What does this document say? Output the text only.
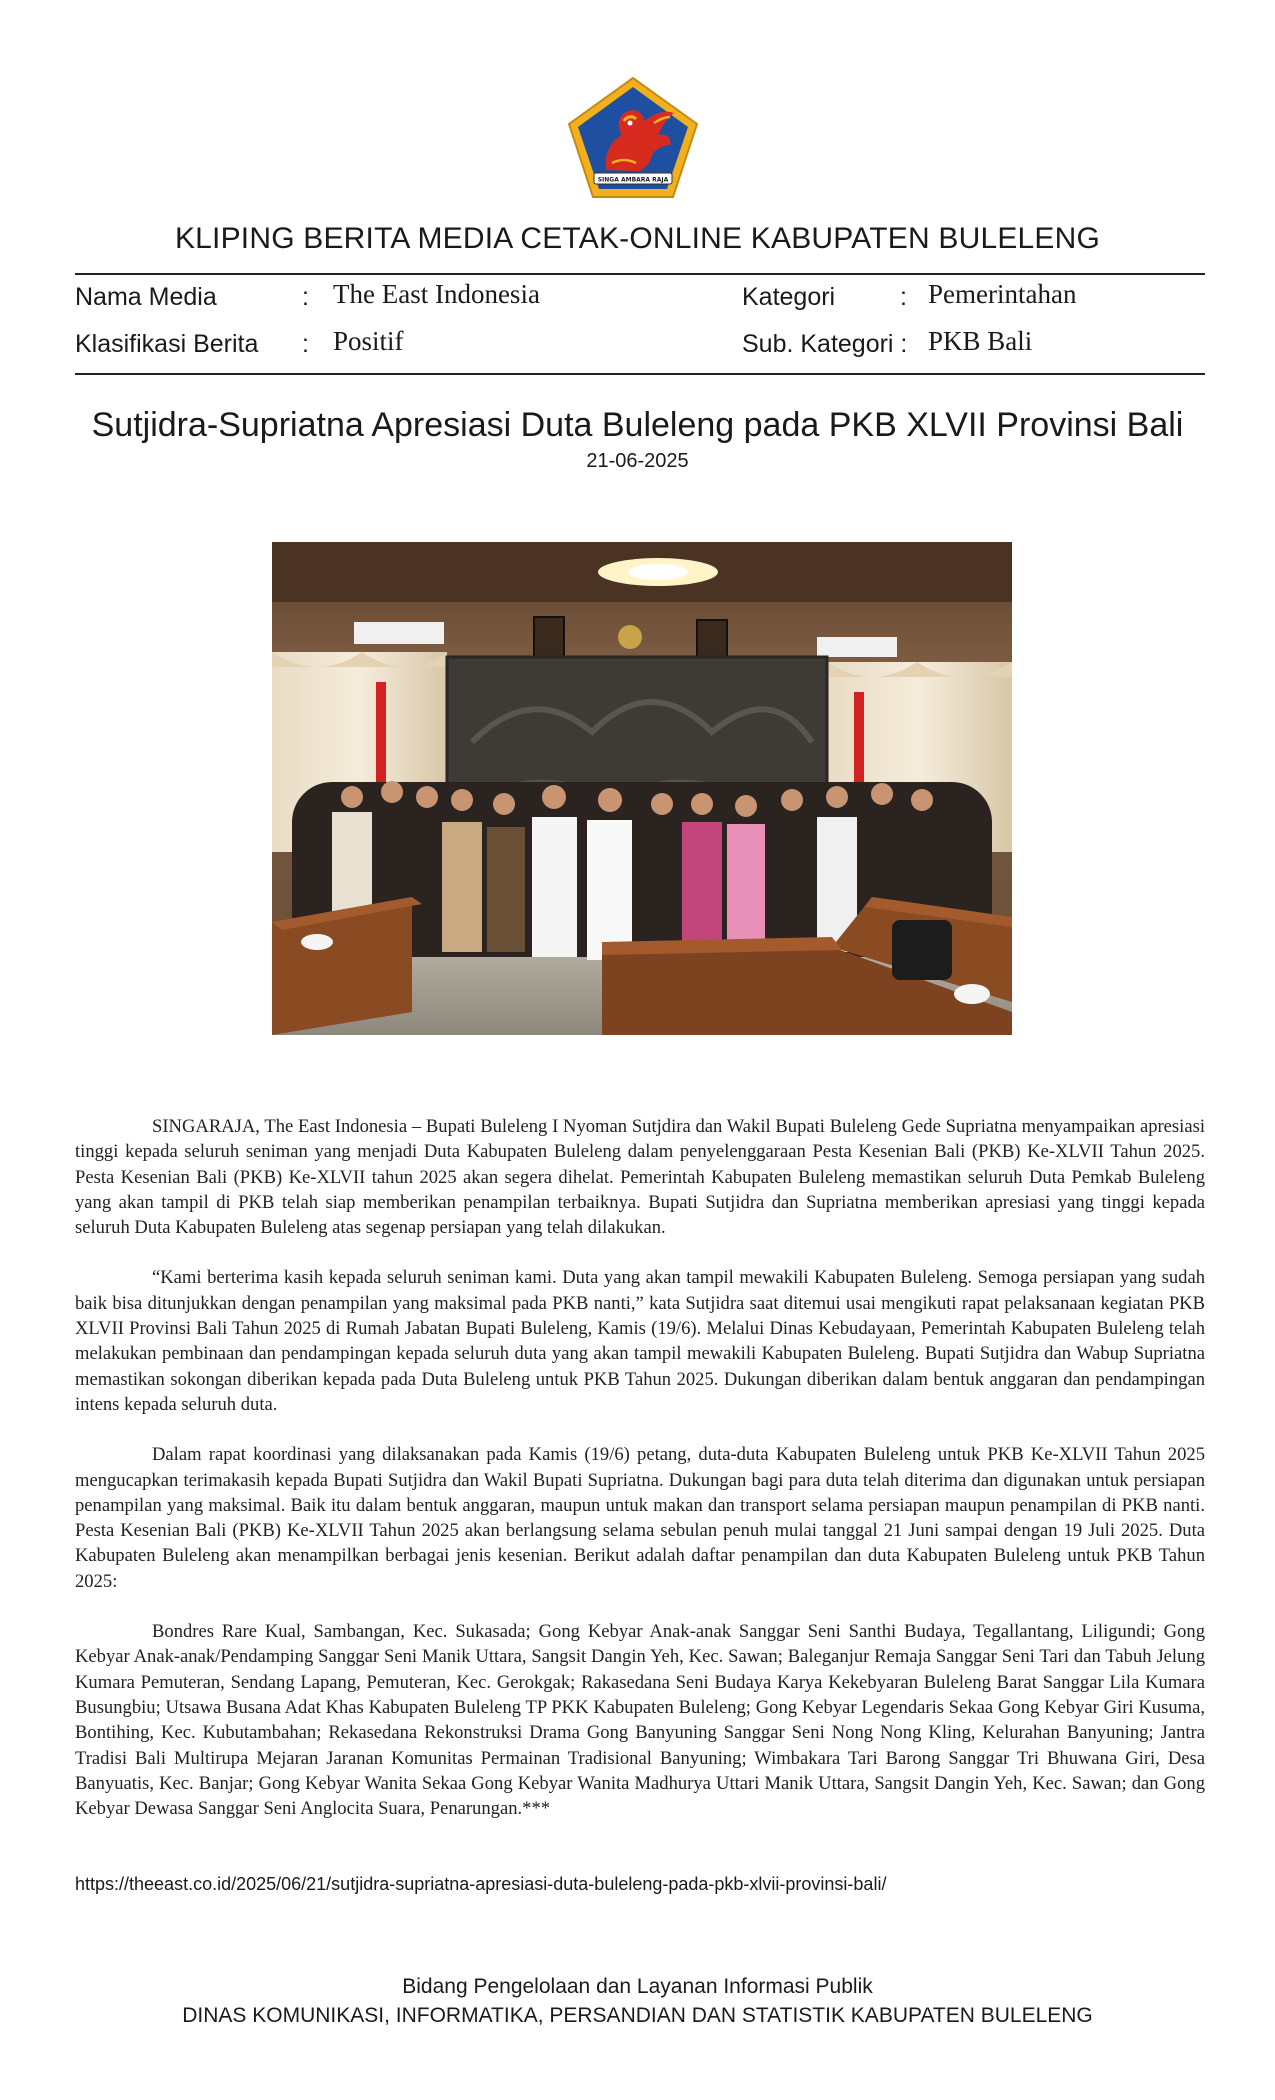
SINGA AMBARA RAJA
KLIPING BERITA MEDIA CETAK-ONLINE KABUPATEN BULELENG
Nama Media	: The East Indonesia	Kategori	: Pemerintahan
Klasifikasi Berita : Positif	Sub. Kategori : PKB Bali
Sutjidra-Supriatna Apresiasi Duta Buleleng pada PKB XLVII Provinsi Bali
21-06-2025

SINGARAJA, The East Indonesia – Bupati Buleleng I Nyoman Sutjdira dan Wakil Bupati Buleleng Gede Supriatna menyampaikan apresiasi tinggi kepada seluruh seniman yang menjadi Duta Kabupaten Buleleng dalam penyelenggaraan Pesta Kesenian Bali (PKB) Ke-XLVII Tahun 2025. Pesta Kesenian Bali (PKB) Ke-XLVII tahun 2025 akan segera dihelat. Pemerintah Kabupaten Buleleng memastikan seluruh Duta Pemkab Buleleng yang akan tampil di PKB telah siap memberikan penampilan terbaiknya. Bupati Sutjidra dan Supriatna memberikan apresiasi yang tinggi kepada seluruh Duta Kabupaten Buleleng atas segenap persiapan yang telah dilakukan.

“Kami berterima kasih kepada seluruh seniman kami. Duta yang akan tampil mewakili Kabupaten Buleleng. Semoga persiapan yang sudah baik bisa ditunjukkan dengan penampilan yang maksimal pada PKB nanti,” kata Sutjidra saat ditemui usai mengikuti rapat pelaksanaan kegiatan PKB XLVII Provinsi Bali Tahun 2025 di Rumah Jabatan Bupati Buleleng, Kamis (19/6). Melalui Dinas Kebudayaan, Pemerintah Kabupaten Buleleng telah melakukan pembinaan dan pendampingan kepada seluruh duta yang akan tampil mewakili Kabupaten Buleleng. Bupati Sutjidra dan Wabup Supriatna memastikan sokongan diberikan kepada pada Duta Buleleng untuk PKB Tahun 2025. Dukungan diberikan dalam bentuk anggaran dan pendampingan intens kepada seluruh duta.

Dalam rapat koordinasi yang dilaksanakan pada Kamis (19/6) petang, duta-duta Kabupaten Buleleng untuk PKB Ke-XLVII Tahun 2025 mengucapkan terimakasih kepada Bupati Sutjidra dan Wakil Bupati Supriatna. Dukungan bagi para duta telah diterima dan digunakan untuk persiapan penampilan yang maksimal. Baik itu dalam bentuk anggaran, maupun untuk makan dan transport selama persiapan maupun penampilan di PKB nanti. Pesta Kesenian Bali (PKB) Ke-XLVII Tahun 2025 akan berlangsung selama sebulan penuh mulai tanggal 21 Juni sampai dengan 19 Juli 2025. Duta Kabupaten Buleleng akan menampilkan berbagai jenis kesenian. Berikut adalah daftar penampilan dan duta Kabupaten Buleleng untuk PKB Tahun 2025:

Bondres Rare Kual, Sambangan, Kec. Sukasada; Gong Kebyar Anak-anak Sanggar Seni Santhi Budaya, Tegallantang, Liligundi; Gong Kebyar Anak-anak/Pendamping Sanggar Seni Manik Uttara, Sangsit Dangin Yeh, Kec. Sawan; Baleganjur Remaja Sanggar Seni Tari dan Tabuh Jelung Kumara Pemuteran, Sendang Lapang, Pemuteran, Kec. Gerokgak; Rakasedana Seni Budaya Karya Kekebyaran Buleleng Barat Sanggar Lila Kumara Busungbiu; Utsawa Busana Adat Khas Kabupaten Buleleng TP PKK Kabupaten Buleleng; Gong Kebyar Legendaris Sekaa Gong Kebyar Giri Kusuma, Bontihing, Kec. Kubutambahan; Rekasedana Rekonstruksi Drama Gong Banyuning Sanggar Seni Nong Nong Kling, Kelurahan Banyuning; Jantra Tradisi Bali Multirupa Mejaran Jaranan Komunitas Permainan Tradisional Banyuning; Wimbakara Tari Barong Sanggar Tri Bhuwana Giri, Desa Banyuatis, Kec. Banjar; Gong Kebyar Wanita Sekaa Gong Kebyar Wanita Madhurya Uttari Manik Uttara, Sangsit Dangin Yeh, Kec. Sawan; dan Gong Kebyar Dewasa Sanggar Seni Anglocita Suara, Penarungan.***

https://theeast.co.id/2025/06/21/sutjidra-supriatna-apresiasi-duta-buleleng-pada-pkb-xlvii-provinsi-bali/
Bidang Pengelolaan dan Layanan Informasi Publik
DINAS KOMUNIKASI, INFORMATIKA, PERSANDIAN DAN STATISTIK KABUPATEN BULELENG
